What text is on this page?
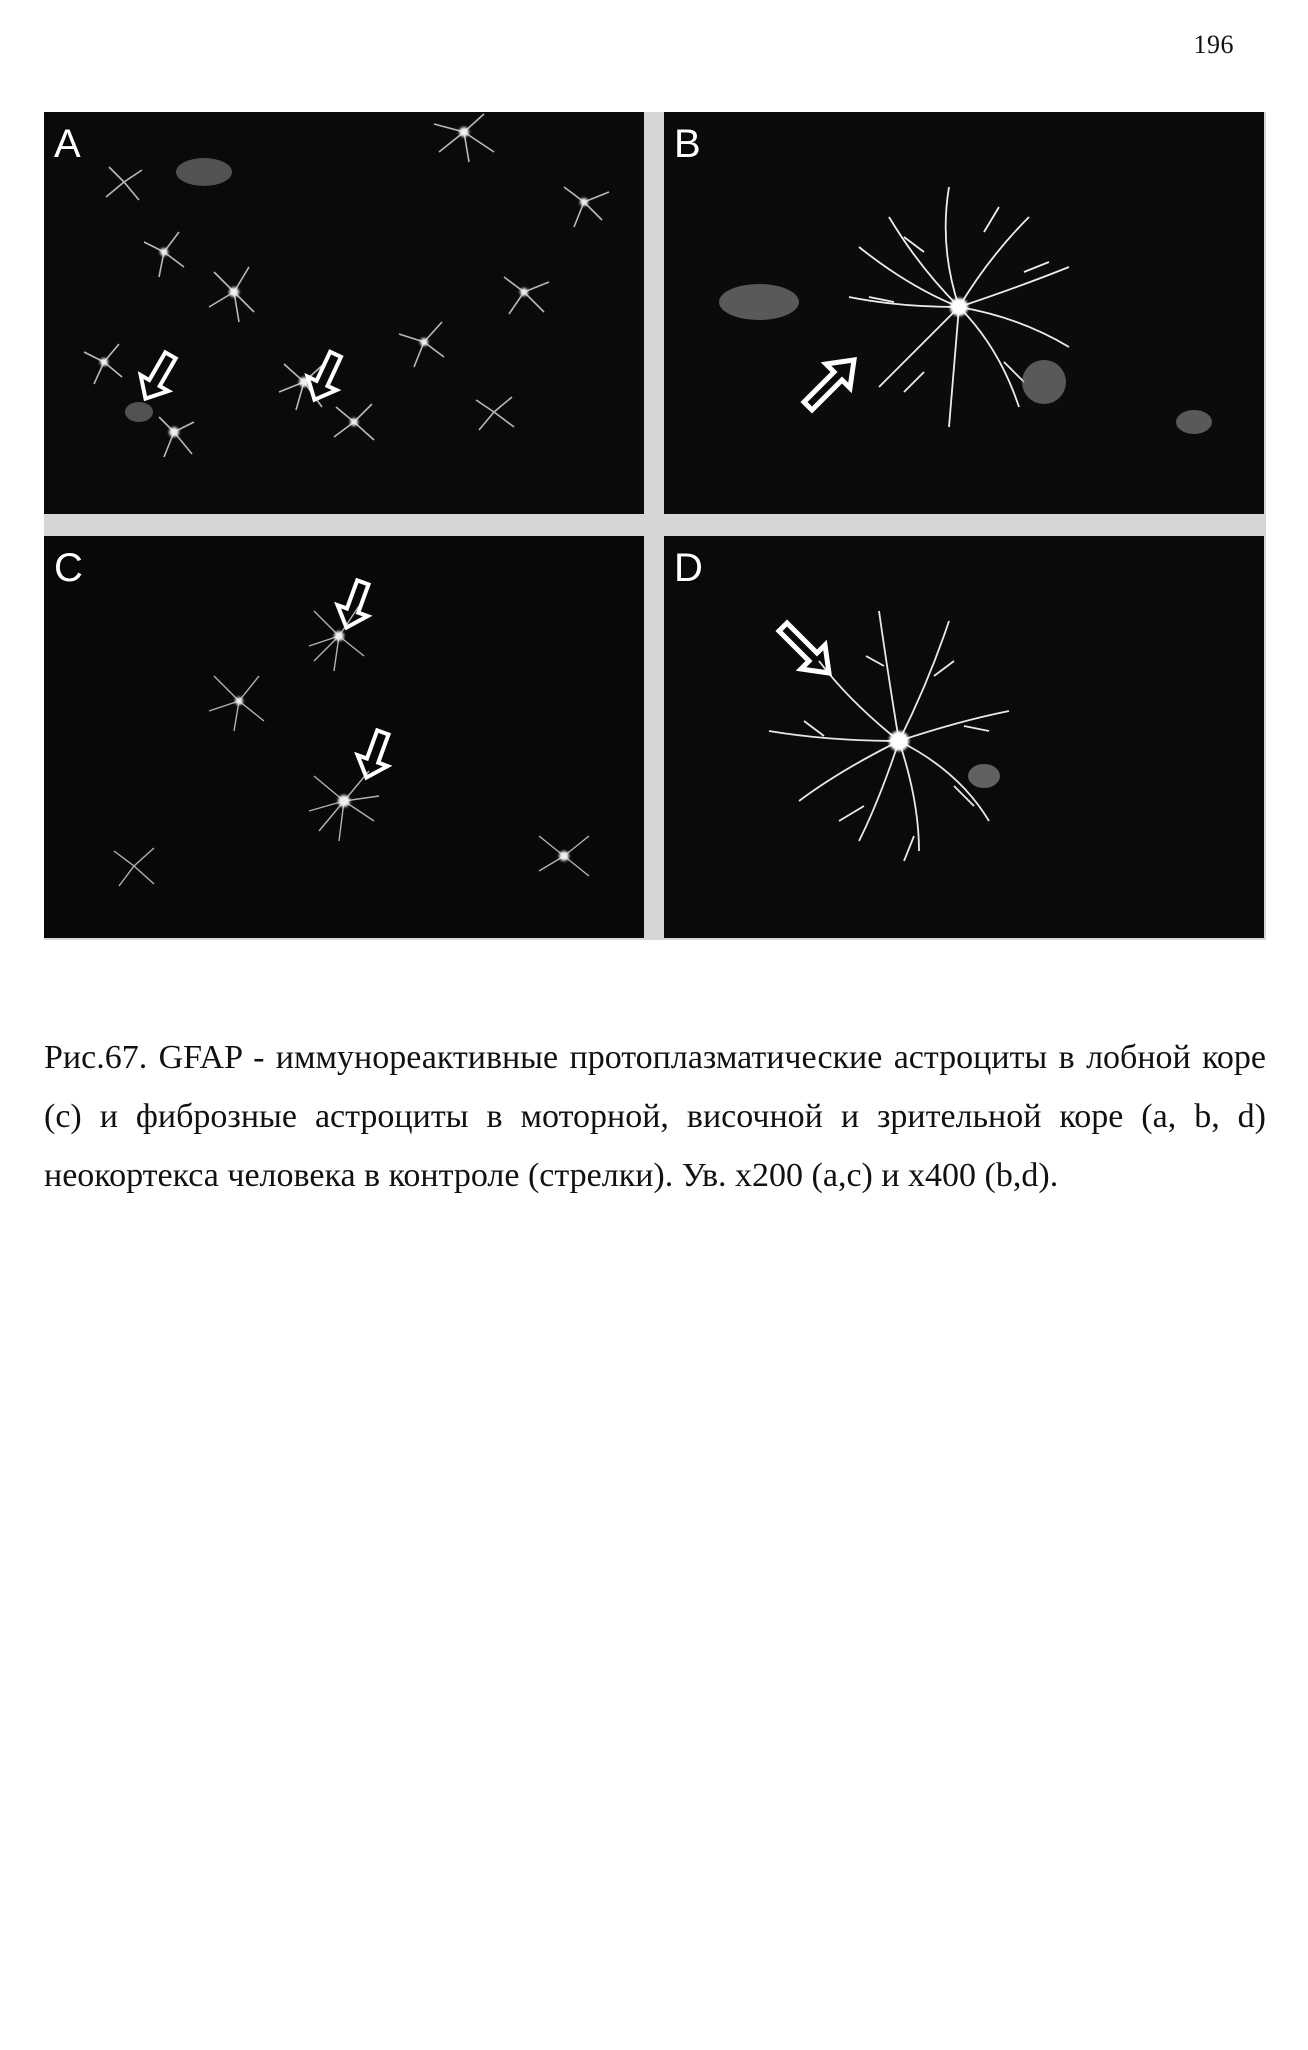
196
A	B
C	D

Рис.67. GFAP - иммунореактивные протоплазматические астроциты в лобной коре (с) и фиброзные астроциты в моторной, височной и зрительной коре (a, b, d) неокортекса человека в контроле (стрелки). Ув. х200 (а,с) и х400 (b,d).
